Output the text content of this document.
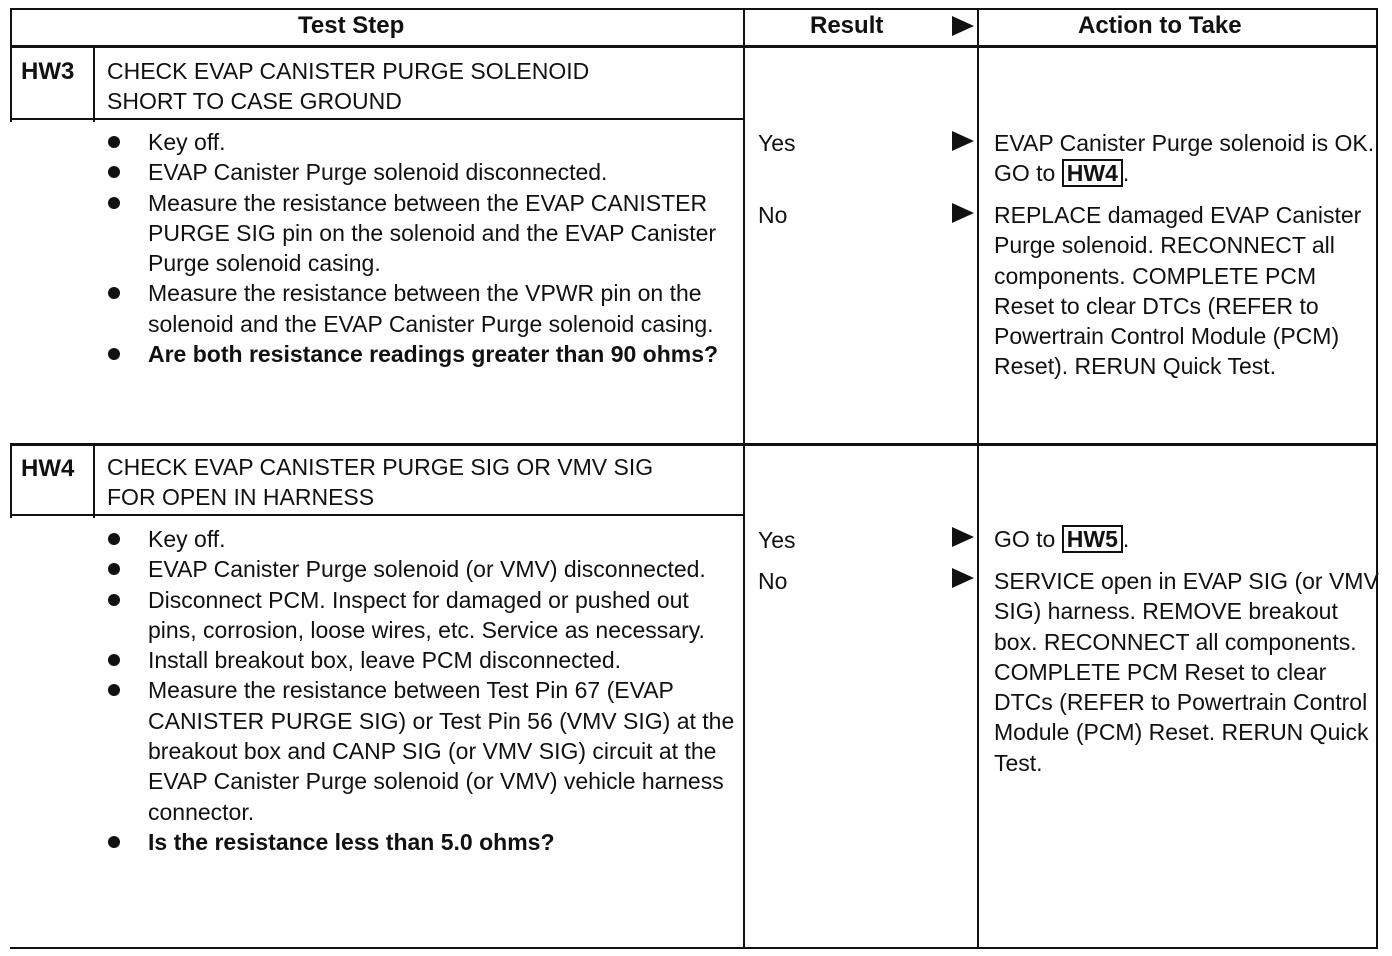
Test Step	Result	Action to Take
HW3 CHECK EVAP CANISTER PURGE SOLENOID
SHORT TO CASE GROUND
Key off.
EVAP Canister Purge solenoid disconnected.
Measure the resistance between the EVAP CANISTER PURGE SIG pin on the solenoid and the EVAP Canister Purge solenoid casing.
Measure the resistance between the VPWR pin on the solenoid and the EVAP Canister Purge solenoid casing.
Are both resistance readings greater than 90 ohms?
Yes	EVAP Canister Purge solenoid is OK. GO to HW4 .
No	REPLACE damaged EVAP Canister Purge solenoid. RECONNECT all components. COMPLETE PCM Reset to clear DTCs (REFER to Powertrain Control Module (PCM) Reset). RERUN Quick Test.
HW4 CHECK EVAP CANISTER PURGE SIG OR VMV SIG
FOR OPEN IN HARNESS
Key off.
EVAP Canister Purge solenoid (or VMV) disconnected.
Disconnect PCM. Inspect for damaged or pushed out pins, corrosion, loose wires, etc. Service as necessary.
Install breakout box, leave PCM disconnected.
Measure the resistance between Test Pin 67 (EVAP CANISTER PURGE SIG) or Test Pin 56 (VMV SIG) at the breakout box and CANP SIG (or VMV SIG) circuit at the EVAP Canister Purge solenoid (or VMV) vehicle harness connector.
Is the resistance less than 5.0 ohms?
Yes	GO to HW5 .
No	SERVICE open in EVAP SIG (or VMV SIG) harness. REMOVE breakout box. RECONNECT all components. COMPLETE PCM Reset to clear DTCs (REFER to Powertrain Control Module (PCM) Reset. RERUN Quick Test.
